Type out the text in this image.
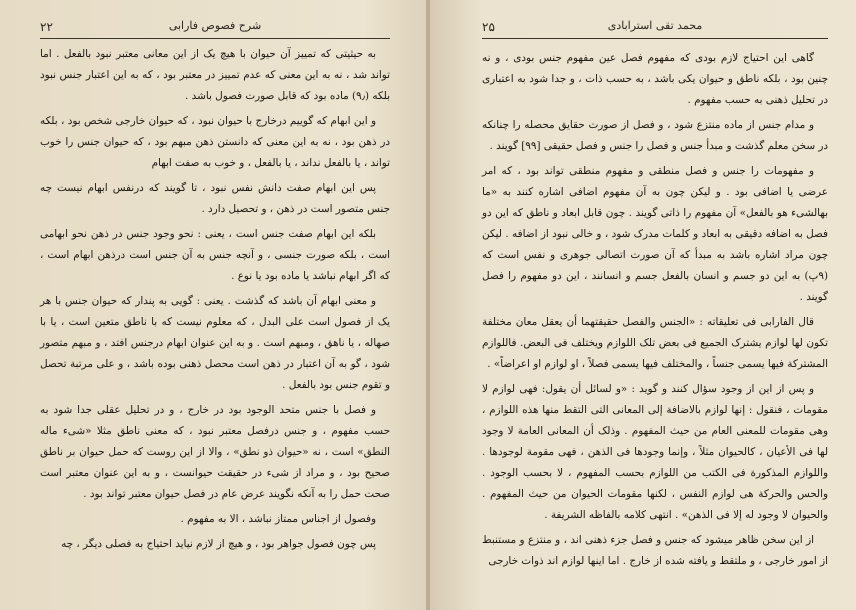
شرح فصوص فارابی
۲۲

به حیثیتی که تمییز آن حیوان با هیچ یک از این معانی معتبر نبود بالفعل . اما تواند شد ، نه به این معنی که عدم تمییز در معتبر بود ، که به این اعتبار جنس نبود بلکه (۹٫) ماده بود که قابل صورت فصول باشد .

و این ابهام که گوییم درخارج با حیوان نبود ، که حیوان خارجی شخص بود ، بلکه در ذهن بود ، نه به این معنی که دانستن ذهن مبهم بود ، که حیوان جنس را خوب تواند ، یا بالفعل نداند ، یا بالفعل ، و خوب به صفت ابهام

پس این ابهام صفت دانش نفس نبود ، تا گویند که درنفس ابهام نیست چه جنس متصور است در ذهن ، و تحصیل دارد .

بلکه این ابهام صفت جنس است ، یعنی : نحو وجود جنس در ذهن نحو ابهامی است ، بلکه صورت جنسی ، و آنچه جنس به آن جنس است درذهن ابهام است ، که اگر ابهام نباشد یا ماده بود یا نوع .

و معنی ابهام آن باشد که گذشت . یعنی : گویی به پندار که حیوان جنس با هر یک از فصول است علی البدل ، که معلوم نیست که با ناطق متعین است ، یا با صهاله ، یا ناهق ، ومبهم است . و به این عنوان ابهام درجنس افتد ، و مبهم متصور شود ، گو به آن اعتبار در ذهن است محصل ذهنی بوده باشد ، و علی مرتبة تحصل و تقوم جنس بود بالفعل .

و فصل با جنس متحد الوجود بود در خارج ، و در تحلیل عقلی جدا شود به حسب مفهوم ، و جنس درفصل معتبر نبود ، که معنی ناطق مثلا «شیء ماله النطق» است ، نه «حیوان ذو نطق» ، والا از این روست که حمل حیوان بر ناطق صحیح بود ، و مراد از شیء در حقیقت حیوانست ، و به این عنوان معتبر است صحت حمل را به آنکه نگویند عرض عام در فصل حیوان معتبر تواند بود .

وفصول از اجناس ممتاز نباشد ، الا به مفهوم .

پس چون فصول جواهر بود ، و هیچ از لازم نیاید احتیاج به فصلی دیگر ، چه

محمد تقی استرابادی
۲۵

گاهی این احتیاج لازم بودی که مفهوم فصل عین مفهوم جنس بودی ، و نه چنین بود ، بلکه ناطق و حیوان یکی باشد ، به حسب ذات ، و جدا شود به اعتباری در تحلیل ذهنی به حسب مفهوم .

و مدام جنس از ماده منتزع شود ، و فصل از صورت حقایق محصله را چنانکه در سخن معلم گذشت و مبدأ جنس و فصل را جنس و فصل حقیقی [۹۹] گویند .

و مفهومات را جنس و فصل منطقی و مفهوم منطقی تواند بود ، که امر عرضی یا اضافی بود . و لیکن چون به آن مفهوم اضافی اشاره کنند به «ما بهالشیء هو بالفعل» آن مفهوم را ذاتی گویند . چون قابل ابعاد و ناطق که این دو فصل به اضافه دقیقی به ابعاد و کلمات مدرک شود ، و خالی نبود از اضافه . لیکن چون مراد اشاره باشد به مبدأ که آن صورت اتصالی جوهری و نفس است که (۹پ) به این دو جسم و انسان بالفعل جسم و انسانند ، این دو مفهوم را فصل گویند .

قال الفارابی فی تعلیقاته : «الجنس والفصل حقیقتهما أن یعقل معان مختلفة تکون لها لوازم یشترک الجمیع فی بعض تلک اللوازم ویختلف فی البعض. فاللوازم المشترکة فیها یسمی جنساً ، والمختلف فیها یسمی فصلاً ، او لوازم او اعراضاً» .

و پس از این از وجود سؤال کنند و گوید : «و لسائل أن یقول: فهی لوازم لا مقومات ، فنقول : إنها لوازم بالاضافة إلی المعانی التی التقط منها هذه اللوازم ، وهی مقومات للمعنی العام من حیث المفهوم . وذلک أن المعانی العامة لا وجود لها فی الأعیان ، کالحیوان مثلاً ، وإنما وجودها فی الذهن ، فهی مقومة لوجودها . واللوازم المذکورة فی الکتب من اللوازم بحسب المفهوم ، لا بحسب الوجود . والحس والحرکة هی لوازم النفس ، لکنها مقومات الحیوان من حیث المفهوم . والحیوان لا وجود له إلا فی الذهن» . انتهی کلامه بالفاظه الشریفة .

از این سخن ظاهر میشود که جنس و فصل جزء ذهنی اند ، و منتزع و مستنبط از امور خارجی ، و ملتقط و یافته شده از خارج . اما اینها لوازم اند ذوات خارجی
